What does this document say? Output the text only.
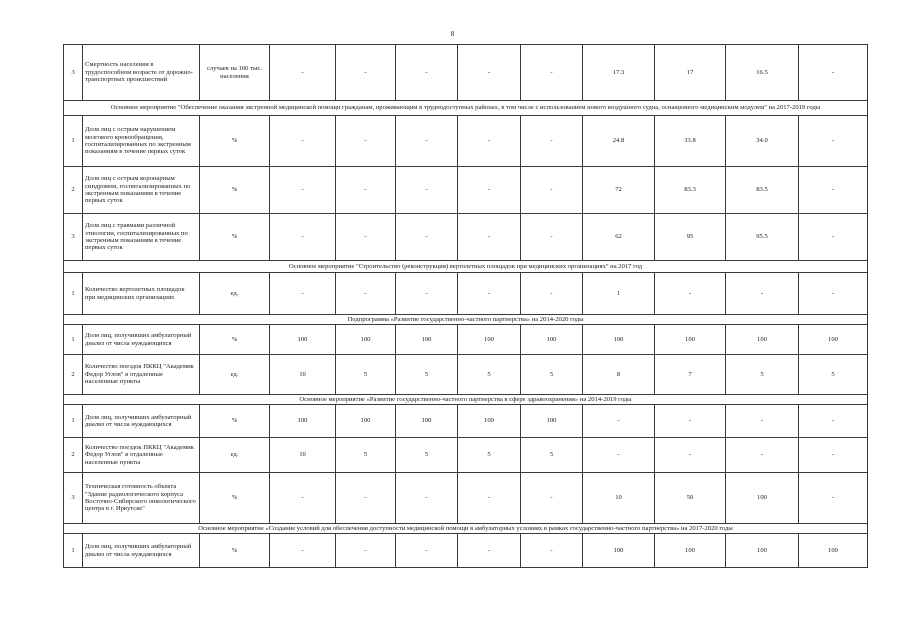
8
3	Смертность населения в трудоспособном возрасте от дорожно-транспортных происшествий	случаев на 100 тыс. населения	-	-	-	-	-	17.3	17	16.5	-
Основное мероприятие "Обеспечение оказания экстренной медицинской помощи гражданам, проживающим в труднодоступных районах, в том числе с использованием нового воздушного судна, оснащенного медицинским модулем" на 2017-2019 годы											
1	Доля лиц с острым нарушением мозгового кровообращения, госпитализированных по экстренным показаниям в течение первых суток	%	-	-	-	-	-	24.8	33.8	34.0	-
2	Доля лиц с острым коронарным синдромом, госпитализированных по экстренным показаниям в течение первых суток	%	-	-	-	-	-	72	83.3	83.5	-
3	Доля лиц с травмами различной этиологии, госпитализированных по экстренным показаниям в течение первых суток	%	-	-	-	-	-	62	95	95.5	-
Основное мероприятие "Строительство (реконструкция) вертолетных площадок при медицинских организациях" на 2017 год											
1	Количество вертолетных площадок при медицинских организациях	ед.	-	-	-	-	-	1	-	-	-
Подпрограмма «Развитие государственно-частного партнерства» на 2014-2020 годы											
1	Доля лиц, получивших амбулаторный диализ от числа нуждающихся	%	100	100	100	100	100	100	100	100	100
2	Количество поездок ПККЦ "Академик Федор Углов" в отдаленные населенные пункты	ед.	10	5	5	5	5	8	7	5	5
Основное мероприятие «Развитие государственно-частного партнерства в сфере здравоохранения» на 2014-2019 годы											
1	Доля лиц, получивших амбулаторный диализ от числа нуждающихся	%	100	100	100	100	100	-	-	-	-
2	Количество поездок ПККЦ "Академик Федор Углов" в отдаленные населенные пункты	ед.	10	5	5	5	5	-	-	-	-
3	Техническая готовность объекта "Здание радиологического корпуса Восточно-Сибирского онкологического центра в г. Иркутске"	%	-	-	-	-	-	10	50	100	-
Основное мероприятие «Создание условий для обеспечения доступности медицинской помощи в амбулаторных условиях в рамках государственно-частного партнерства» на 2017-2020 годы											
1	Доля лиц, получивших амбулаторный диализ от числа нуждающихся	%	-	-	-	-	-	100	100	100	100
